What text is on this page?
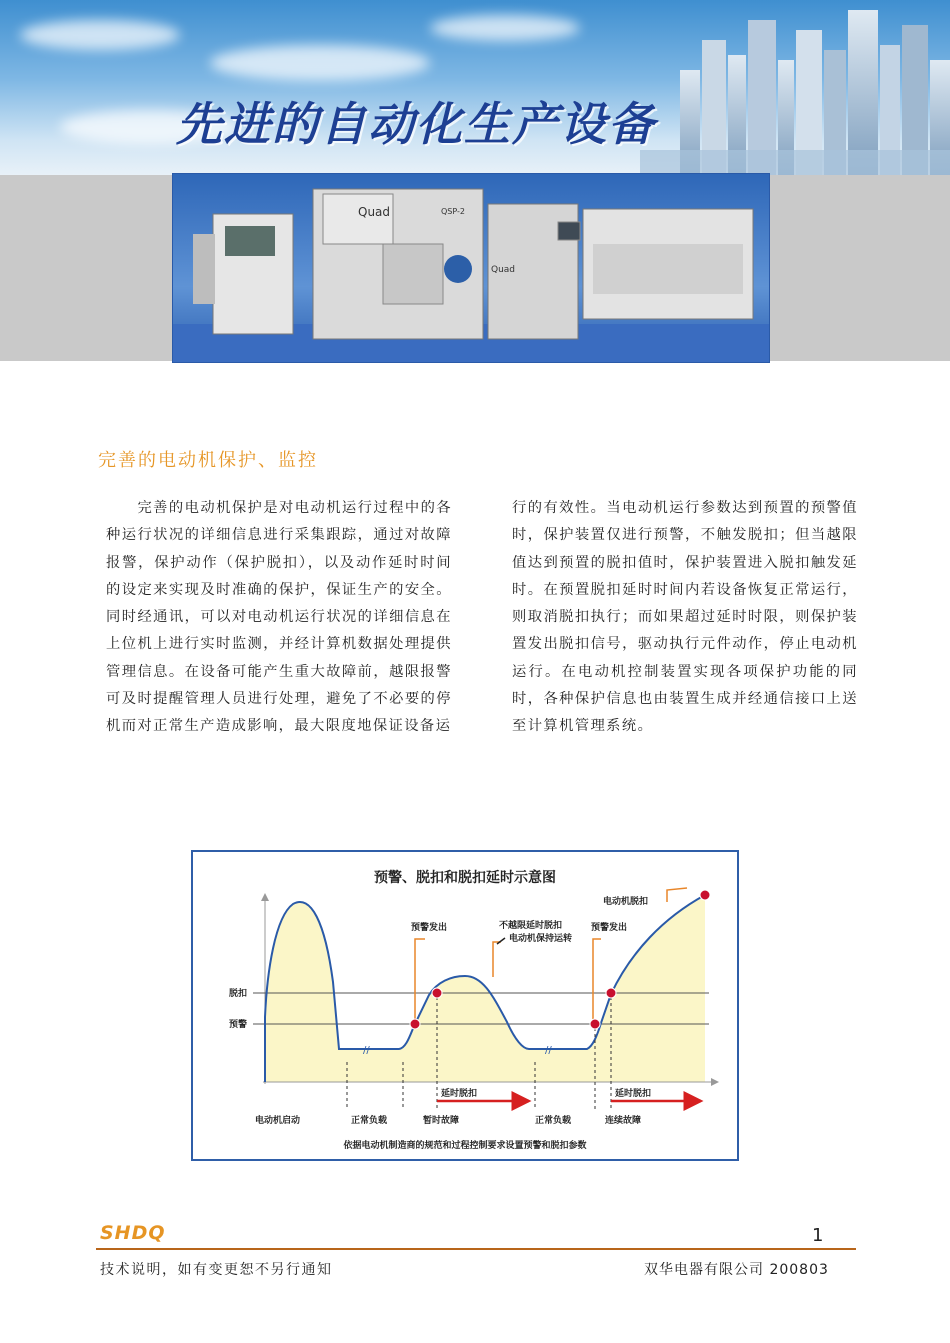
先进的自动化生产设备
Quad	QSP-2
Quad
完善的电动机保护、监控
完善的电动机保护是对电动机运行过程中的各种运行状况的详细信息进行采集跟踪，通过对故障报警，保护动作（保护脱扣），以及动作延时时间的设定来实现及时准确的保护，保证生产的安全。同时经通讯，可以对电动机运行状况的详细信息在上位机上进行实时监测，并经计算机数据处理提供管理信息。在设备可能产生重大故障前，越限报警可及时提醒管理人员进行处理，避免了不必要的停机而对正常生产造成影响，最大限度地保证设备运
行的有效性。当电动机运行参数达到预置的预警值时，保护装置仅进行预警，不触发脱扣；但当越限值达到预置的脱扣值时，保护装置进入脱扣触发延时。在预置脱扣延时时间内若设备恢复正常运行，则取消脱扣执行；而如果超过延时时限，则保护装置发出脱扣信号，驱动执行元件动作，停止电动机运行。在电动机控制装置实现各项保护功能的同时，各种保护信息也由装置生成并经通信接口上送至计算机管理系统。
预警、脱扣和脱扣延时示意图
脱扣
预警
//	//
预警发出	不越限延时脱扣
电动机保持运转
预警发出
电动机脱扣
延时脱扣	延时脱扣
电动机启动	正常负载	暂时故障	正常负载	连续故障
依据电动机制造商的规范和过程控制要求设置预警和脱扣参数
SHDQ	1
技术说明，如有变更恕不另行通知	双华电器有限公司 200803
